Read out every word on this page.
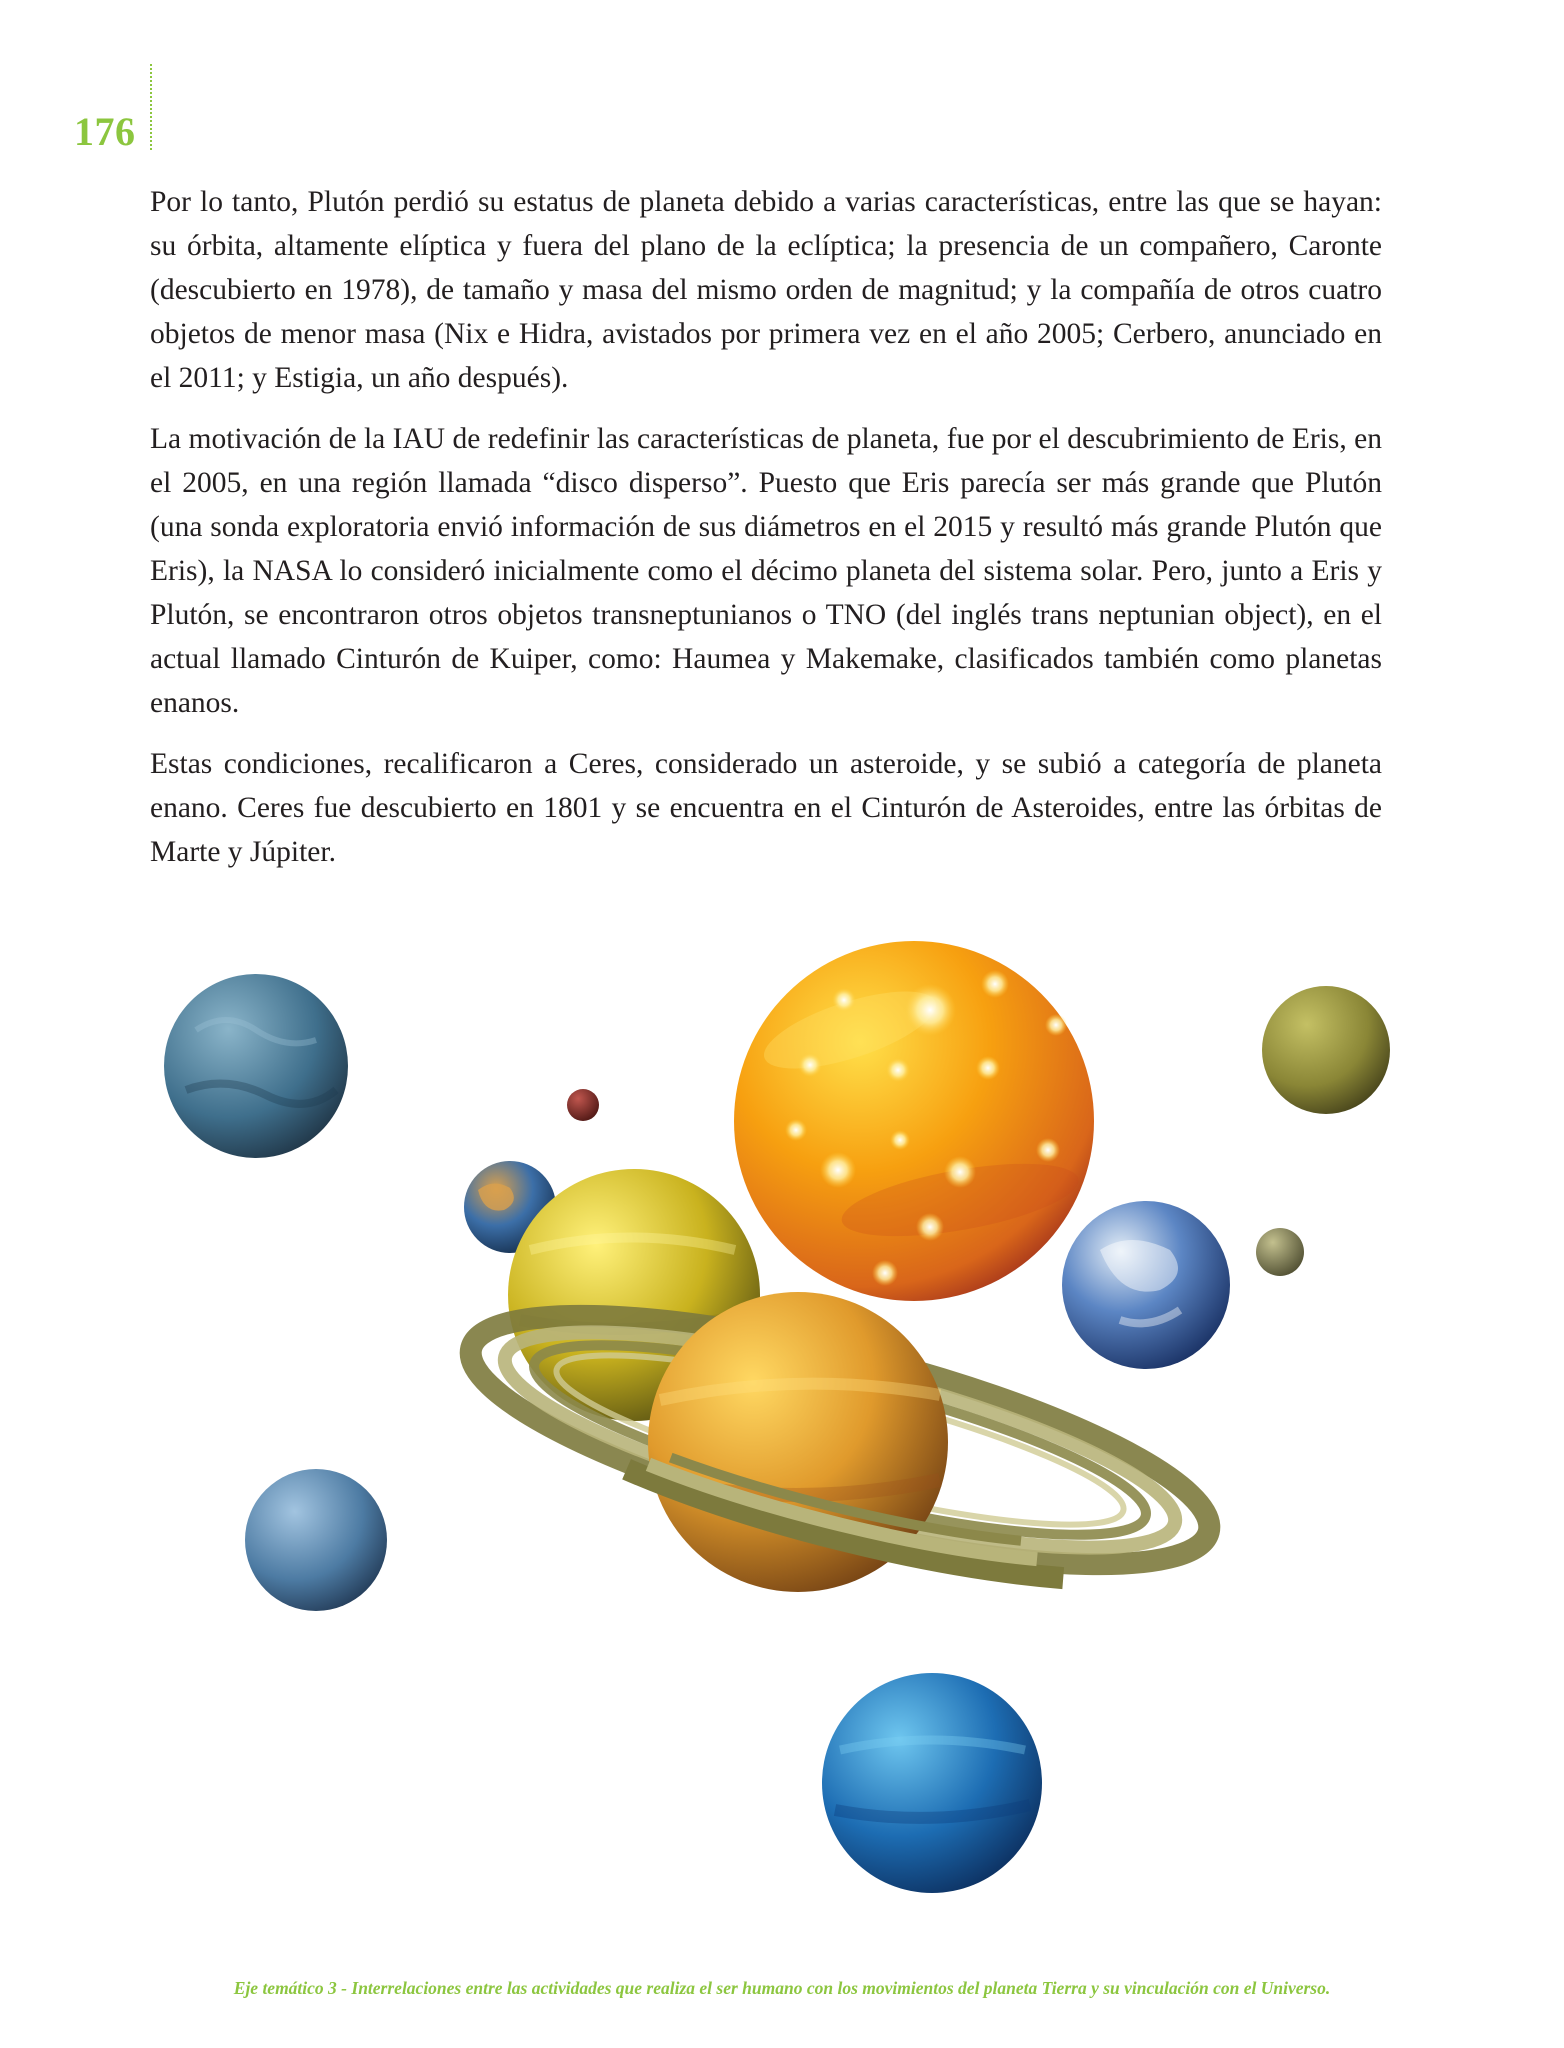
176

Por lo tanto, Plutón perdió su estatus de planeta debido a varias características, entre las que se hayan: su órbita, altamente elíptica y fuera del plano de la eclíptica; la presencia de un compañero, Caronte (descubierto en 1978), de tamaño y masa del mismo orden de magnitud; y la compañía de otros cuatro objetos de menor masa (Nix e Hidra, avistados por primera vez en el año 2005; Cerbero, anunciado en el 2011; y Estigia, un año después).

La motivación de la IAU de redefinir las características de planeta, fue por el descubrimiento de Eris, en el 2005, en una región llamada “disco disperso”. Puesto que Eris parecía ser más grande que Plutón (una sonda exploratoria envió información de sus diámetros en el 2015 y resultó más grande Plutón que Eris), la NASA lo consideró inicialmente como el décimo planeta del sistema solar. Pero, junto a Eris y Plutón, se encontraron otros objetos transneptunianos o TNO (del inglés trans neptunian object), en el actual llamado Cinturón de Kuiper, como: Haumea y Makemake, clasificados también como planetas enanos.

Estas condiciones, recalificaron a Ceres, considerado un asteroide, y se subió a categoría de planeta enano. Ceres fue descubierto en 1801 y se encuentra en el Cinturón de Asteroides, entre las órbitas de Marte y Júpiter.

Eje temático 3 - Interrelaciones entre las actividades que realiza el ser humano con los movimientos del planeta Tierra y su vinculación con el Universo.
